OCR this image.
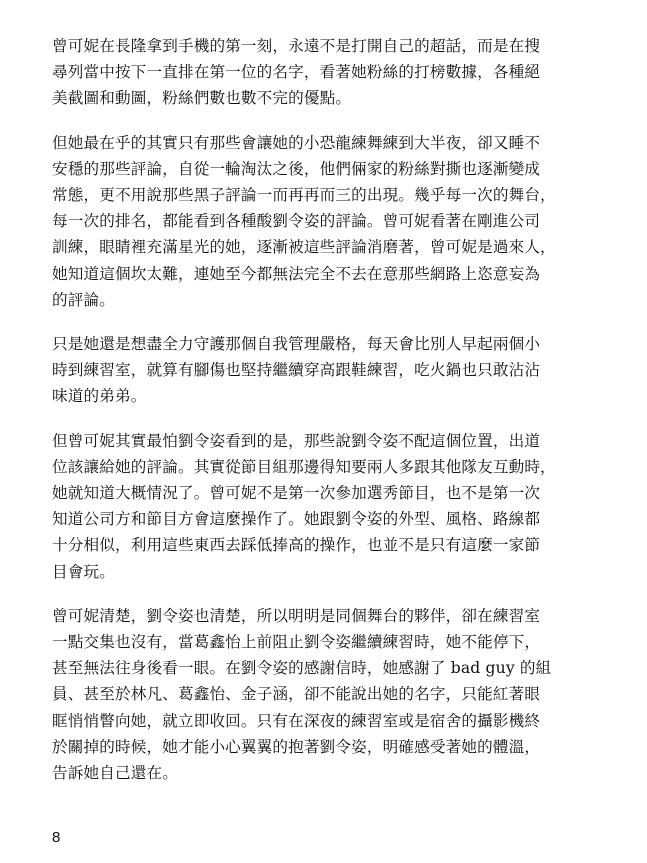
曾可妮在長隆拿到手機的第一刻，永遠不是打開自己的超話，而是在搜
尋列當中按下一直排在第一位的名字，看著她粉絲的打榜數據，各種絕
美截圖和動圖，粉絲們數也數不完的優點。

但她最在乎的其實只有那些會讓她的小恐龍練舞練到大半夜，卻又睡不
安穩的那些評論，自從一輪淘汰之後，他們倆家的粉絲對撕也逐漸變成
常態，更不用說那些黑子評論一而再再而三的出現。幾乎每一次的舞台，
每一次的排名，都能看到各種酸劉令姿的評論。曾可妮看著在剛進公司
訓練，眼睛裡充滿星光的她，逐漸被這些評論消磨著，曾可妮是過來人，
她知道這個坎太難，連她至今都無法完全不去在意那些網路上恣意妄為
的評論。

只是她還是想盡全力守護那個自我管理嚴格，每天會比別人早起兩個小
時到練習室，就算有腳傷也堅持繼續穿高跟鞋練習，吃火鍋也只敢沾沾
味道的弟弟。

但曾可妮其實最怕劉令姿看到的是，那些說劉令姿不配這個位置，出道
位該讓給她的評論。其實從節目組那邊得知要兩人多跟其他隊友互動時，
她就知道大概情況了。曾可妮不是第一次參加選秀節目，也不是第一次
知道公司方和節目方會這麼操作了。她跟劉令姿的外型、風格、路線都
十分相似，利用這些東西去踩低捧高的操作，也並不是只有這麼一家節
目會玩。

曾可妮清楚，劉令姿也清楚，所以明明是同個舞台的夥伴，卻在練習室
一點交集也沒有，當葛鑫怡上前阻止劉令姿繼續練習時，她不能停下，
甚至無法往身後看一眼。在劉令姿的感謝信時，她感謝了 bad guy 的組
員、甚至於林凡、葛鑫怡、金子涵，卻不能說出她的名字，只能紅著眼
眶悄悄瞥向她，就立即收回。只有在深夜的練習室或是宿舍的攝影機終
於關掉的時候，她才能小心翼翼的抱著劉令姿，明確感受著她的體溫，
告訴她自己還在。

8
